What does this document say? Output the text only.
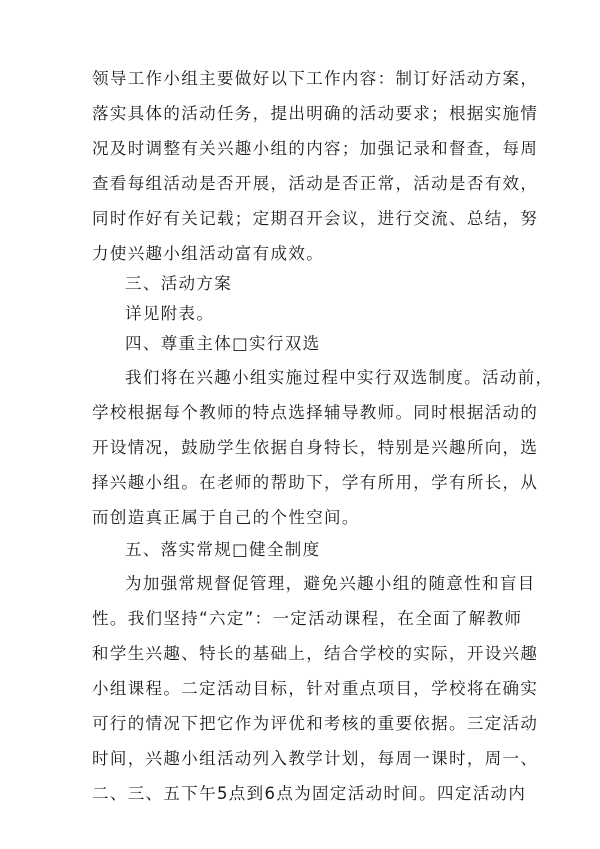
领导工作小组主要做好以下工作内容：制订好活动方案，
落实具体的活动任务，提出明确的活动要求；根据实施情
况及时调整有关兴趣小组的内容；加强记录和督查，每周
查看每组活动是否开展，活动是否正常，活动是否有效，
同时作好有关记载；定期召开会议，进行交流、总结，努
力使兴趣小组活动富有成效。
三、活动方案
详见附表。
四、尊重主体□实行双选
我们将在兴趣小组实施过程中实行双选制度。活动前，
学校根据每个教师的特点选择辅导教师。同时根据活动的
开设情况，鼓励学生依据自身特长，特别是兴趣所向，选
择兴趣小组。在老师的帮助下，学有所用，学有所长，从
而创造真正属于自己的个性空间。
五、落实常规□健全制度
为加强常规督促管理，避免兴趣小组的随意性和盲目
性。我们坚持“六定”：一定活动课程，在全面了解教师
和学生兴趣、特长的基础上，结合学校的实际，开设兴趣
小组课程。二定活动目标，针对重点项目，学校将在确实
可行的情况下把它作为评优和考核的重要依据。三定活动
时间，兴趣小组活动列入教学计划，每周一课时，周一、
二、三、五下午5点到6点为固定活动时间。四定活动内
